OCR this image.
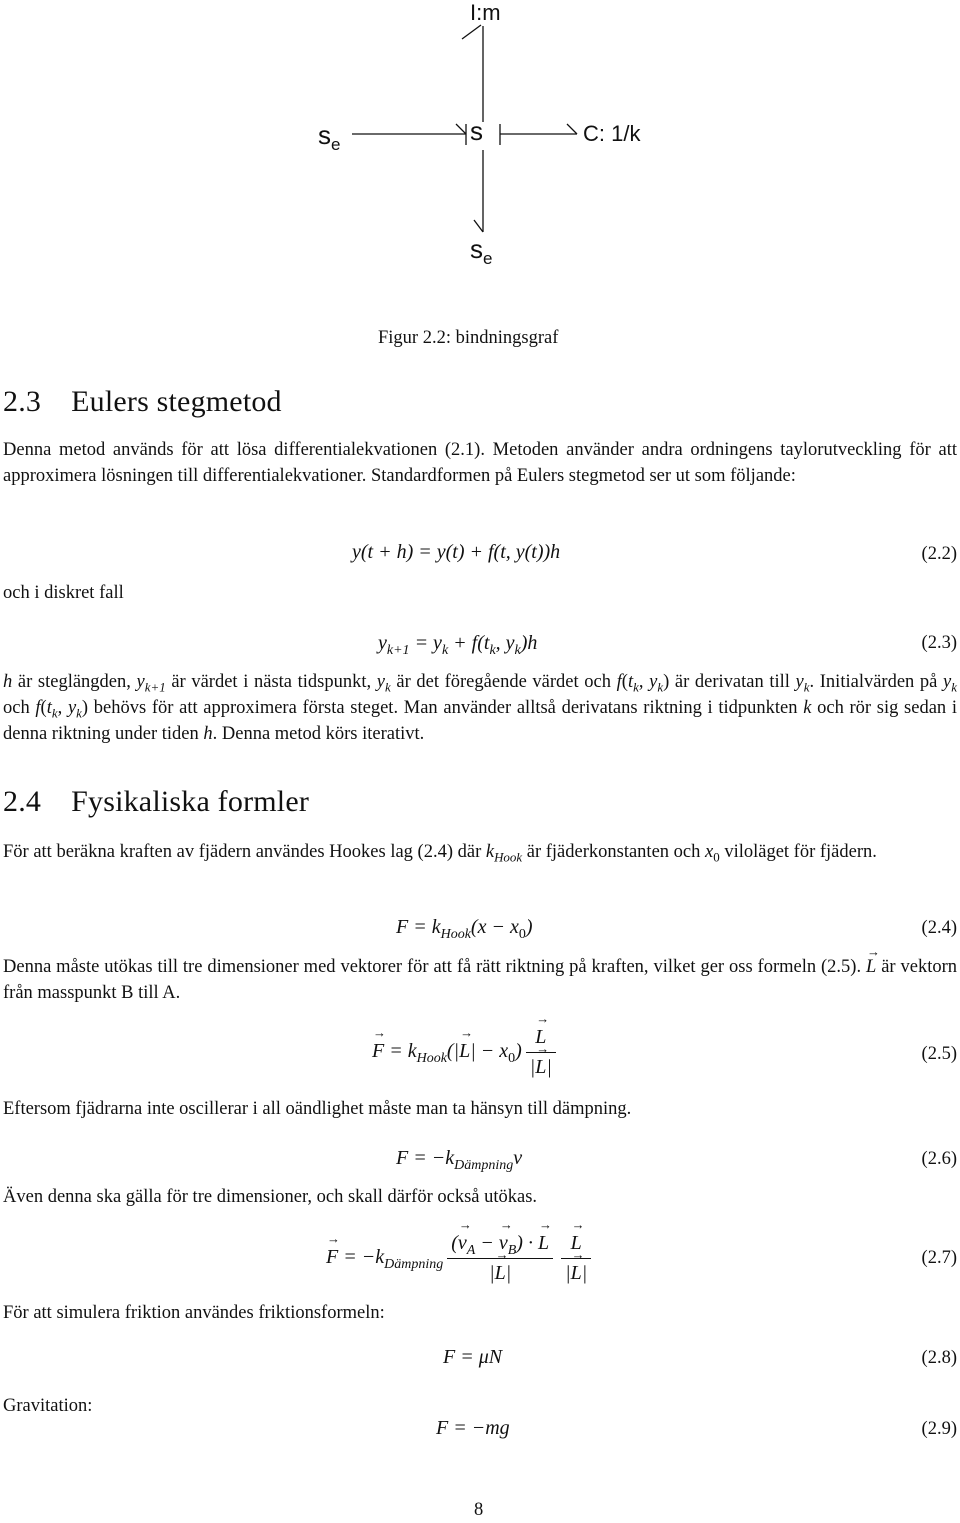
I:m
s
$s_e$	C: 1/k
$s_e$
Figur 2.2: bindningsgraf
2.3 Eulers stegmetod
Denna metod används för att lösa differentialekvationen (2.1). Metoden använder andra ordningens taylorutveckling för att approximera lösningen till differentialekvationer. Standardformen på Eulers stegmetod ser ut som följande:
y(t + h) = y(t) + f(t, y(t))h	(2.2)
och i diskret fall
$y_{k+1} = y_k + f(t_k$, $y_k)h$	(2.3)
h är steglängden, $y_{k+1}$ är värdet i nästa tidspunkt, $y_k$ är det föregående värdet och $f(t_k$, $y_k$) är derivatan till $y_k$. Initialvärden på $y_k$ och $f(t_k$, $y_k$) behövs för att approximera första steget. Man använder alltså derivatans riktning i tidpunkten k och rör sig sedan i denna riktning under tiden h. Denna metod körs iterativt.
2.4 Fysikaliska formler
För att beräkna kraften av fjädern användes Hookes lag (2.4) där $k_{Hook}$ är fjäderkonstanten och $x_0$ viloläget för fjädern.
$F = k_{Hook}(x - x_0)$	(2.4)
Denna måste utökas till tre dimensioner med vektorer för att få rätt riktning på kraften, vilket ger oss formeln (2.5). → L är vektorn från masspunkt B till A.
→ $F = k_{Hook}(|\to L| - x_0)$
→ $\frac{L}{|\to L|}$	(2.5)
Eftersom fjädrarna inte oscillerar i all oändlighet måste man ta hänsyn till dämpning.
$F = -k_{Dämpning}v$	(2.6)
Även denna ska gälla för tre dimensioner, och skall därför också utökas.
→ $F = -k_{Dämpning} \frac{(\to v_A - \to v_B) \cdot \to L}{|\to L|}$
→ $\frac{L}{|\to L|}$	(2.7)
För att simulera friktion användes friktionsformeln:
F = μN	(2.8)
Gravitation:
F = −mg	(2.9)
8
